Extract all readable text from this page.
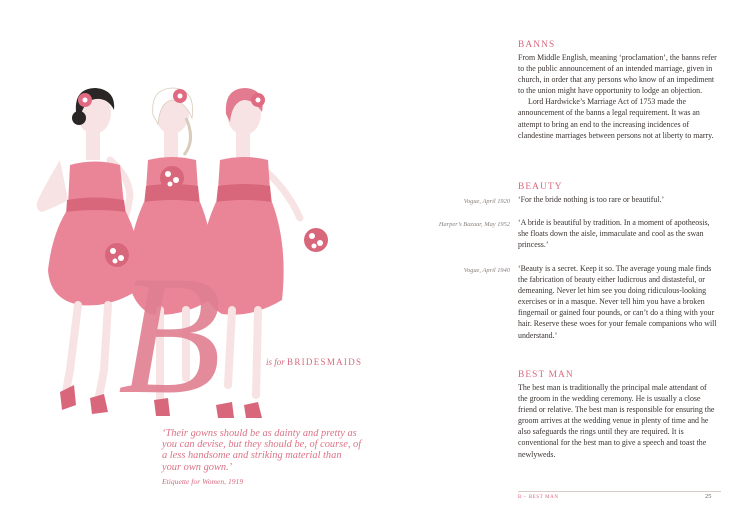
B	is for BRIDESMAIDS

‘Their gowns should be as dainty and pretty as you can devise, but they should be, of course, of a less handsome and striking material than your own gown.’

Etiquette for Women, 1919
BANNS

From Middle English, meaning ‘proclamation’, the banns refer to the public announcement of an intended marriage, given in church, in order that any persons who know of an impediment to the union might have opportunity to lodge an objection.

Lord Hardwicke’s Marriage Act of 1753 made the announcement of the banns a legal requirement. It was an attempt to bring an end to the increasing incidences of clandestine marriages between persons not at liberty to marry.

BEAUTY
Vogue, April 1920 ‘For the bride nothing is too rare or beautiful.’
Harper’s Bazaar, May 1952 ‘A bride is beautiful by tradition. In a moment of apotheosis, she floats down the aisle, immaculate and cool as the swan princess.’
Vogue, April 1940 ‘Beauty is a secret. Keep it so. The average young male finds the fabrication of beauty either ludicrous and distasteful, or demeaning. Never let him see you doing ridiculous-looking exercises or in a masque. Never tell him you have a broken fingernail or gained four pounds, or can’t do a thing with your hair. Reserve these woes for your female companions who will understand.’
BEST MAN
The best man is traditionally the principal male attendant of the groom in the wedding ceremony. He is usually a close friend or relative. The best man is responsible for ensuring the groom arrives at the wedding venue in plenty of time and he also safeguards the rings until they are required. It is conventional for the best man to give a speech and toast the newlyweds.
B – BEST MAN	25
